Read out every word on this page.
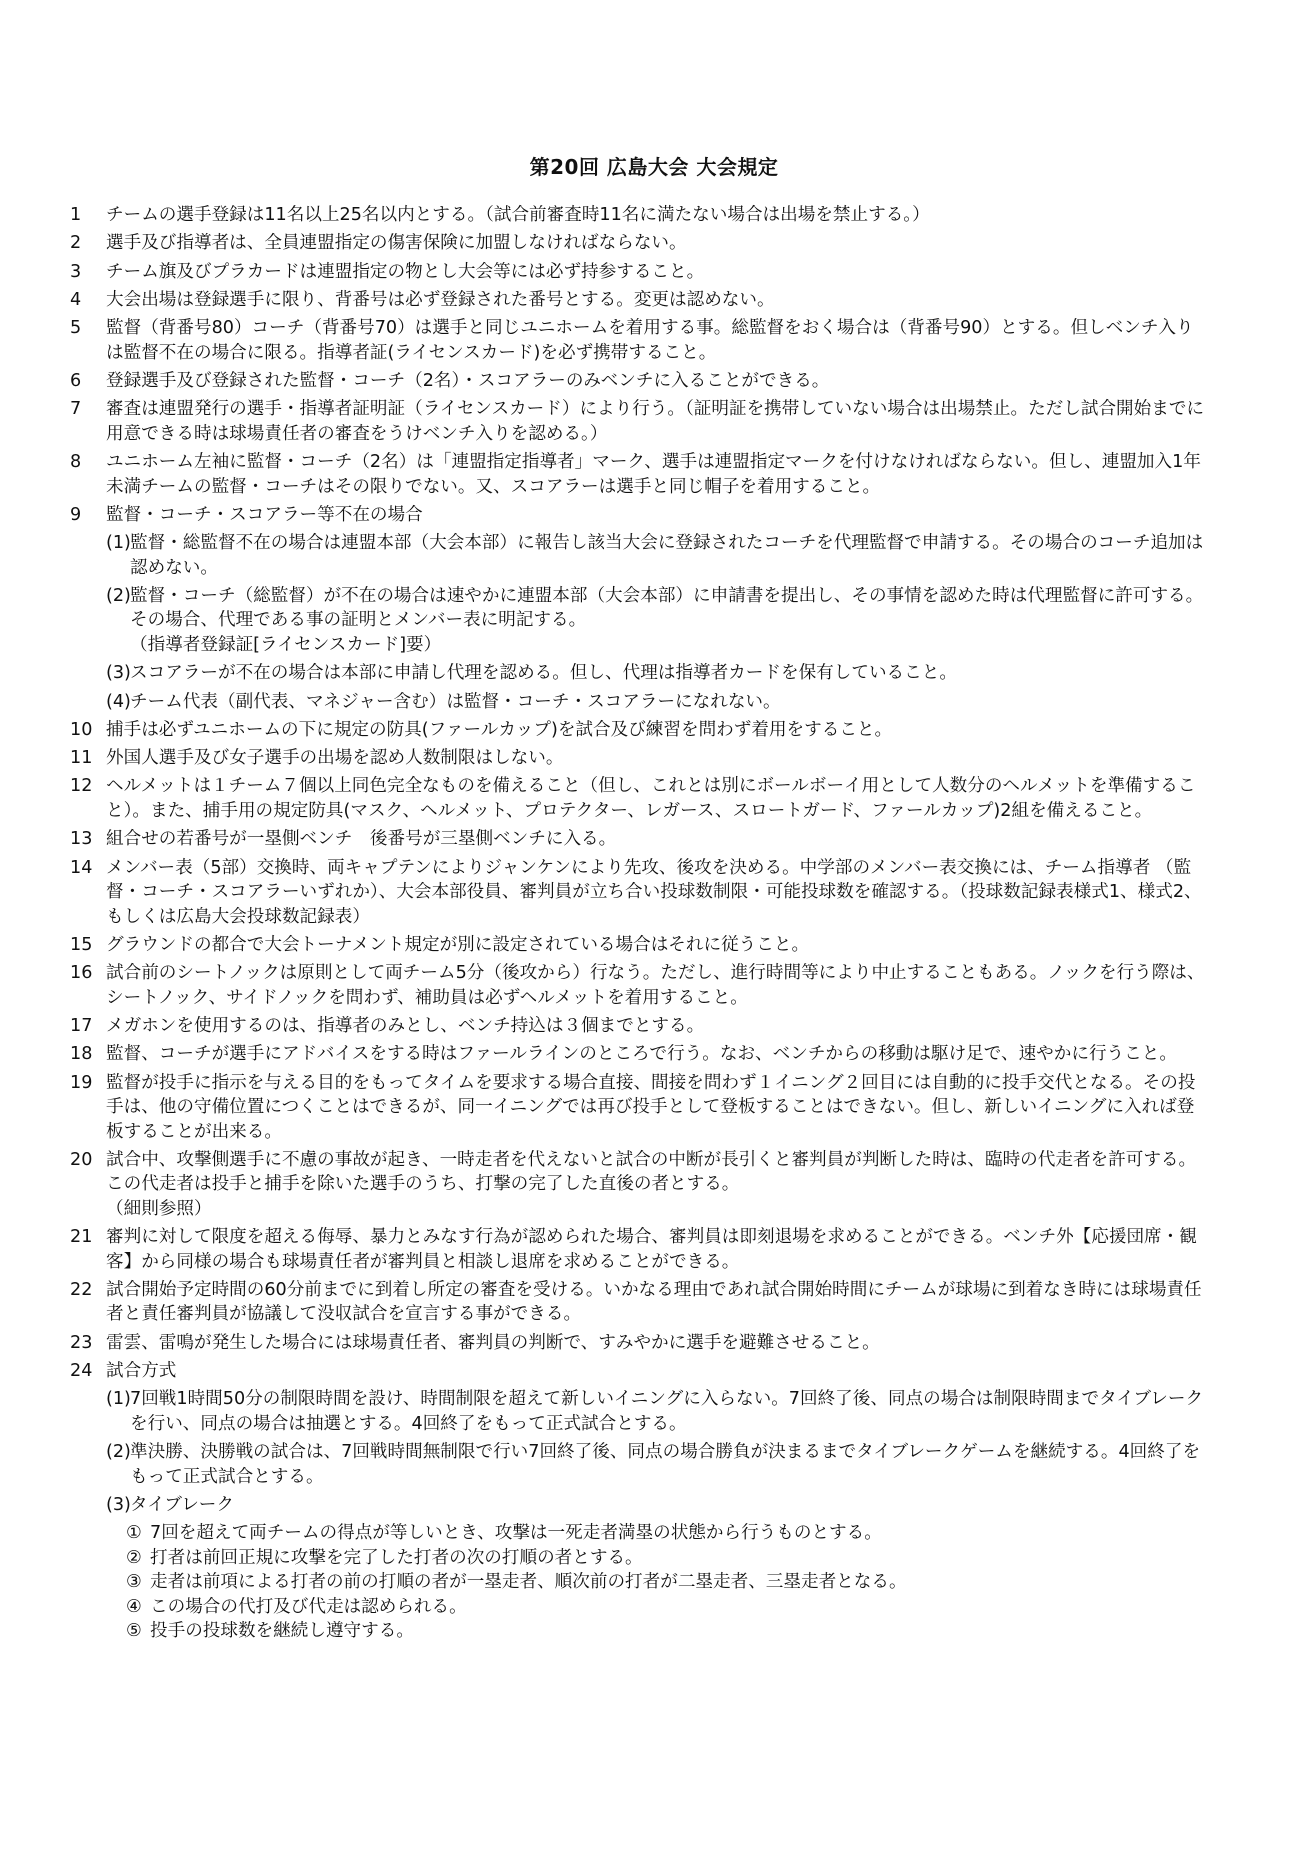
第20回 広島大会 大会規定
1	チームの選手登録は11名以上25名以内とする。（試合前審査時11名に満たない場合は出場を禁止する。）
2	選手及び指導者は、全員連盟指定の傷害保険に加盟しなければならない。
3	チーム旗及びプラカードは連盟指定の物とし大会等には必ず持参すること。
4	大会出場は登録選手に限り、背番号は必ず登録された番号とする。変更は認めない。
5	監督（背番号80）コーチ（背番号70）は選手と同じユニホームを着用する事。総監督をおく場合は（背番号90）とする。但しベンチ入りは監督不在の場合に限る。指導者証(ライセンスカード)を必ず携帯すること。
6	登録選手及び登録された監督・コーチ（2名）・スコアラーのみベンチに入ることができる。
7	審査は連盟発行の選手・指導者証明証（ライセンスカード）により行う。（証明証を携帯していない場合は出場禁止。ただし試合開始までに用意できる時は球場責任者の審査をうけベンチ入りを認める。）
8	ユニホーム左袖に監督・コーチ（2名）は「連盟指定指導者」マーク、選手は連盟指定マークを付けなければならない。但し、連盟加入1年未満チームの監督・コーチはその限りでない。又、スコアラーは選手と同じ帽子を着用すること。
9	監督・コーチ・スコアラー等不在の場合
(1) 監督・総監督不在の場合は連盟本部（大会本部）に報告し該当大会に登録されたコーチを代理監督で申請する。その場合のコーチ追加は認めない。
(2) 監督・コーチ（総監督）が不在の場合は速やかに連盟本部（大会本部）に申請書を提出し、その事情を認めた時は代理監督に許可する。その場合、代理である事の証明とメンバー表に明記する。
（指導者登録証[ライセンスカード]要）
(3) スコアラーが不在の場合は本部に申請し代理を認める。但し、代理は指導者カードを保有していること。
(4) チーム代表（副代表、マネジャー含む）は監督・コーチ・スコアラーになれない。
10 捕手は必ずユニホームの下に規定の防具(ファールカップ)を試合及び練習を問わず着用をすること。
11 外国人選手及び女子選手の出場を認め人数制限はしない。
12 ヘルメットは１チーム７個以上同色完全なものを備えること（但し、これとは別にボールボーイ用として人数分のヘルメットを準備すること）。また、捕手用の規定防具(マスク、ヘルメット、プロテクター、レガース、スロートガード、ファールカップ)2組を備えること。
13 組合せの若番号が一塁側ベンチ　後番号が三塁側ベンチに入る。
14 メンバー表（5部）交換時、両キャプテンによりジャンケンにより先攻、後攻を決める。中学部のメンバー表交換には、チーム指導者 （監督・コーチ・スコアラーいずれか）、大会本部役員、審判員が立ち合い投球数制限・可能投球数を確認する。（投球数記録表様式1、様式2、もしくは広島大会投球数記録表）
15 グラウンドの都合で大会トーナメント規定が別に設定されている場合はそれに従うこと。
16 試合前のシートノックは原則として両チーム5分（後攻から）行なう。ただし、進行時間等により中止することもある。ノックを行う際は、シートノック、サイドノックを問わず、補助員は必ずヘルメットを着用すること。
17 メガホンを使用するのは、指導者のみとし、ベンチ持込は３個までとする。
18 監督、コーチが選手にアドバイスをする時はファールラインのところで行う。なお、ベンチからの移動は駆け足で、速やかに行うこと。
19 監督が投手に指示を与える目的をもってタイムを要求する場合直接、間接を問わず１イニング２回目には自動的に投手交代となる。その投手は、他の守備位置につくことはできるが、同一イニングでは再び投手として登板することはできない。但し、新しいイニングに入れば登板することが出来る。
20 試合中、攻撃側選手に不慮の事故が起き、一時走者を代えないと試合の中断が長引くと審判員が判断した時は、臨時の代走者を許可する。この代走者は投手と捕手を除いた選手のうち、打撃の完了した直後の者とする。
（細則参照）
21 審判に対して限度を超える侮辱、暴力とみなす行為が認められた場合、審判員は即刻退場を求めることができる。ベンチ外【応援団席・観客】から同様の場合も球場責任者が審判員と相談し退席を求めることができる。
22 試合開始予定時間の60分前までに到着し所定の審査を受ける。いかなる理由であれ試合開始時間にチームが球場に到着なき時には球場責任者と責任審判員が協議して没収試合を宣言する事ができる。
23 雷雲、雷鳴が発生した場合には球場責任者、審判員の判断で、すみやかに選手を避難させること。
24 試合方式
(1) 7回戦1時間50分の制限時間を設け、時間制限を超えて新しいイニングに入らない。7回終了後、同点の場合は制限時間までタイブレークを行い、同点の場合は抽選とする。4回終了をもって正式試合とする。
(2) 準決勝、決勝戦の試合は、7回戦時間無制限で行い7回終了後、同点の場合勝負が決まるまでタイブレークゲームを継続する。4回終了をもって正式試合とする。
(3) タイブレーク
① 7回を超えて両チームの得点が等しいとき、攻撃は一死走者満塁の状態から行うものとする。
② 打者は前回正規に攻撃を完了した打者の次の打順の者とする。
③ 走者は前項による打者の前の打順の者が一塁走者、順次前の打者が二塁走者、三塁走者となる。
④ この場合の代打及び代走は認められる。
⑤ 投手の投球数を継続し遵守する。
